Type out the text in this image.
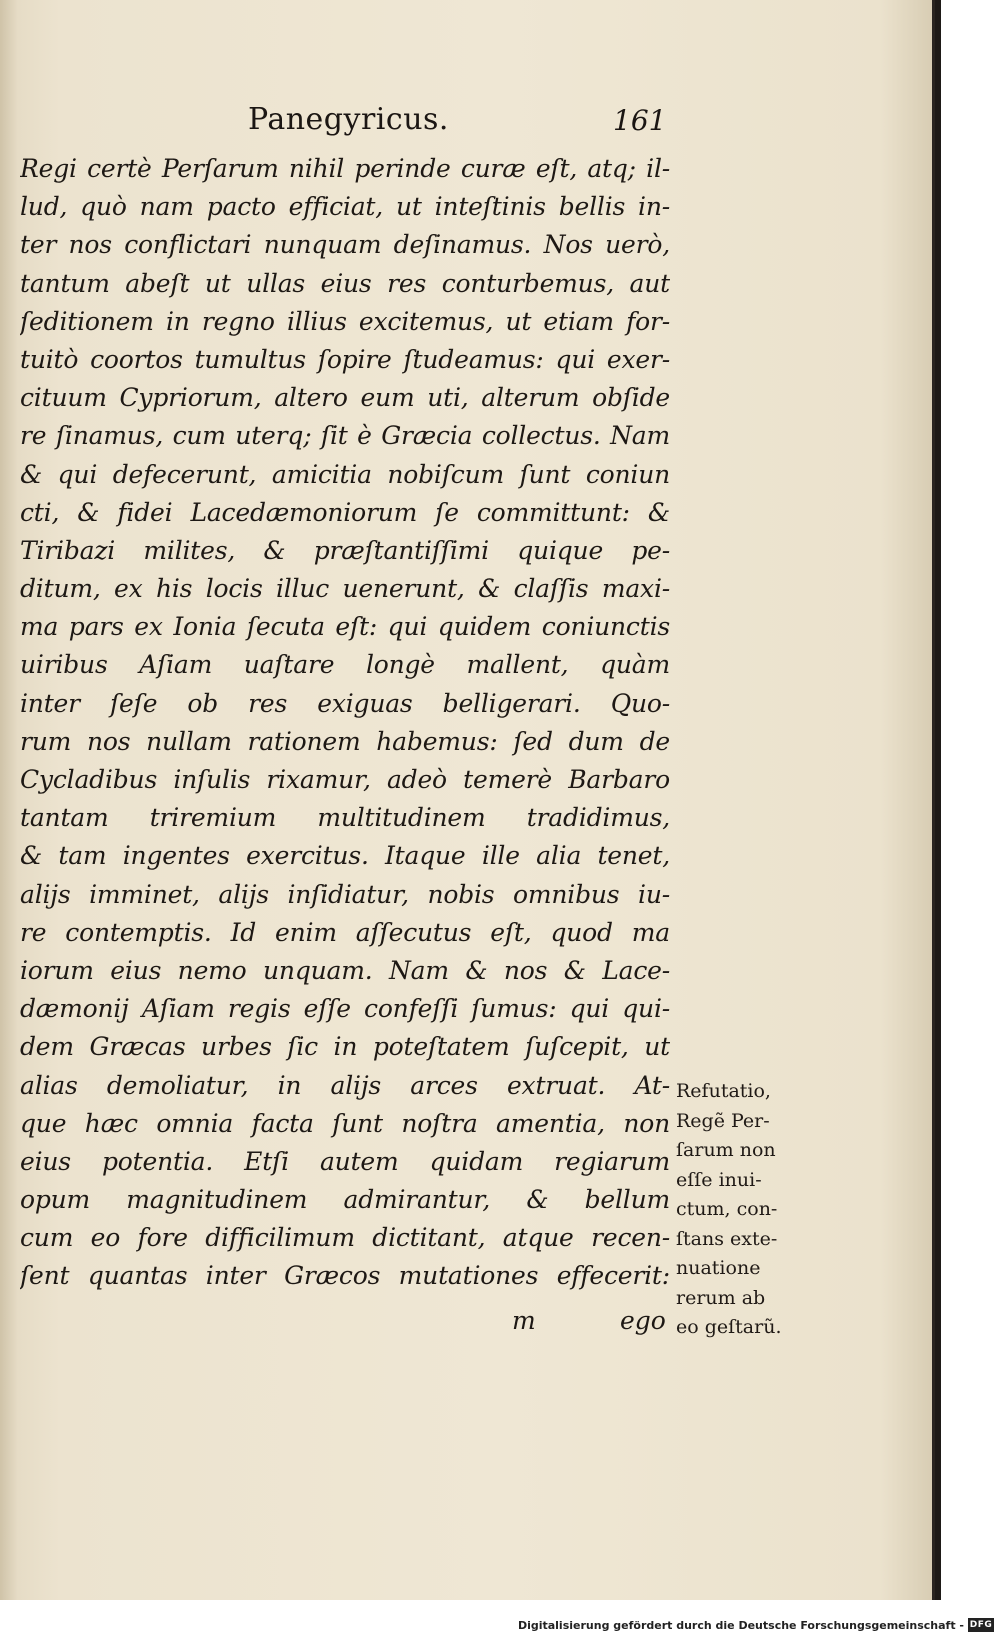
Panegyricus.	161
Regi certè Perſarum nihil perinde curæ eſt, atq; il-
lud, quò nam pacto efficiat, ut inteſtinis bellis in-
ter nos conflictari nunquam deſinamus. Nos uerò,
tantum abeſt ut ullas eius res conturbemus, aut
ſeditionem in regno illius excitemus, ut etiam for-
tuitò coortos tumultus ſopire ſtudeamus: qui exer-
cituum Cypriorum, altero eum uti, alterum obſide
re ſinamus, cum uterq; ſit è Græcia collectus. Nam
& qui defecerunt, amicitia nobiſcum ſunt coniun
cti, & fidei Lacedæmoniorum ſe committunt: &
Tiribazi milites, & præſtantiſſimi quique pe-
ditum, ex his locis illuc uenerunt, & claſſis maxi-
ma pars ex Ionia ſecuta eſt: qui quidem coniunctis
uiribus Aſiam uaſtare longè mallent, quàm
inter ſeſe ob res exiguas belligerari. Quo-
rum nos nullam rationem habemus: ſed dum de
Cycladibus inſulis rixamur, adeò temerè Barbaro
tantam triremium multitudinem tradidimus,
& tam ingentes exercitus. Itaque ille alia tenet,
alijs imminet, alijs inſidiatur, nobis omnibus iu-
re contemptis. Id enim aſſecutus eſt, quod ma
iorum eius nemo unquam. Nam & nos & Lace-
dæmonij Aſiam regis eſſe confeſſi ſumus: qui qui-
dem Græcas urbes ſic in poteſtatem ſuſcepit, ut
alias demoliatur, in alijs arces extruat. At-
que hæc omnia facta ſunt noſtra amentia, non
eius potentia. Etſi autem quidam regiarum
opum magnitudinem admirantur, & bellum
cum eo fore difficilimum dictitant, atque recen-
ſent quantas inter Græcos mutationes effecerit:
m	ego
Refutatio,
Regẽ Per-
ſarum non
eſſe inui-
ctum, con-
ſtans exte-
nuatione
rerum ab
eo geſtarũ.
Digitalisierung gefördert durch die Deutsche Forschungsgemeinschaft - DFG
